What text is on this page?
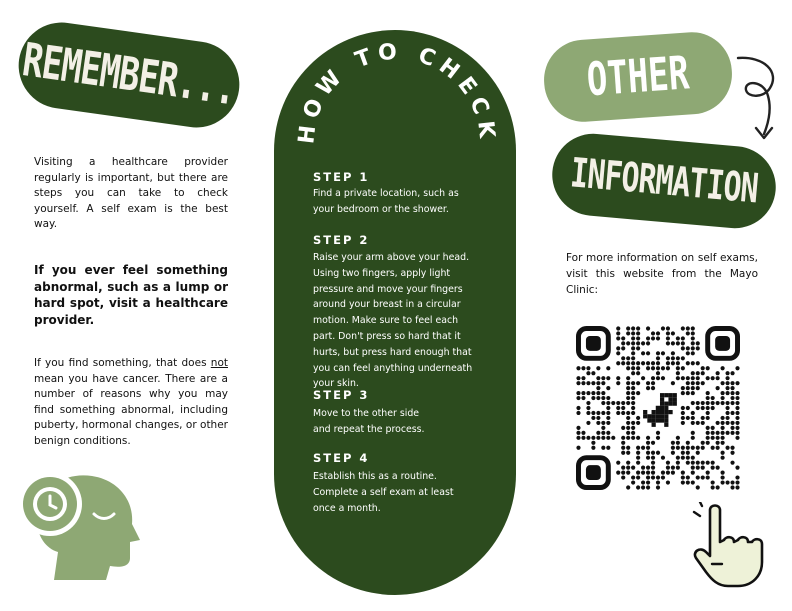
REMEMBER...
Visiting a healthcare provider regularly is important, but there are steps you can take to check yourself. A self exam is the best way.
If you ever feel something abnormal, such as a lump or hard spot, visit a healthcare provider.
If you find something, that does not mean you have cancer. There are a number of reasons why you may find something abnormal, including puberty, hormonal changes, or other benign conditions.
HOW TO CHECK
STEP 1
Find a private location, such as
your bedroom or the shower.
STEP 2
Raise your arm above your head.
Using two fingers, apply light
pressure and move your fingers
around your breast in a circular
motion. Make sure to feel each
part. Don't press so hard that it
hurts, but press hard enough that
you can feel anything underneath
your skin.
STEP 3
Move to the other side
and repeat the process.
STEP 4
Establish this as a routine.
Complete a self exam at least
once a month.
OTHER
INFORMATION
For more information on self exams, visit this website from the Mayo Clinic:
